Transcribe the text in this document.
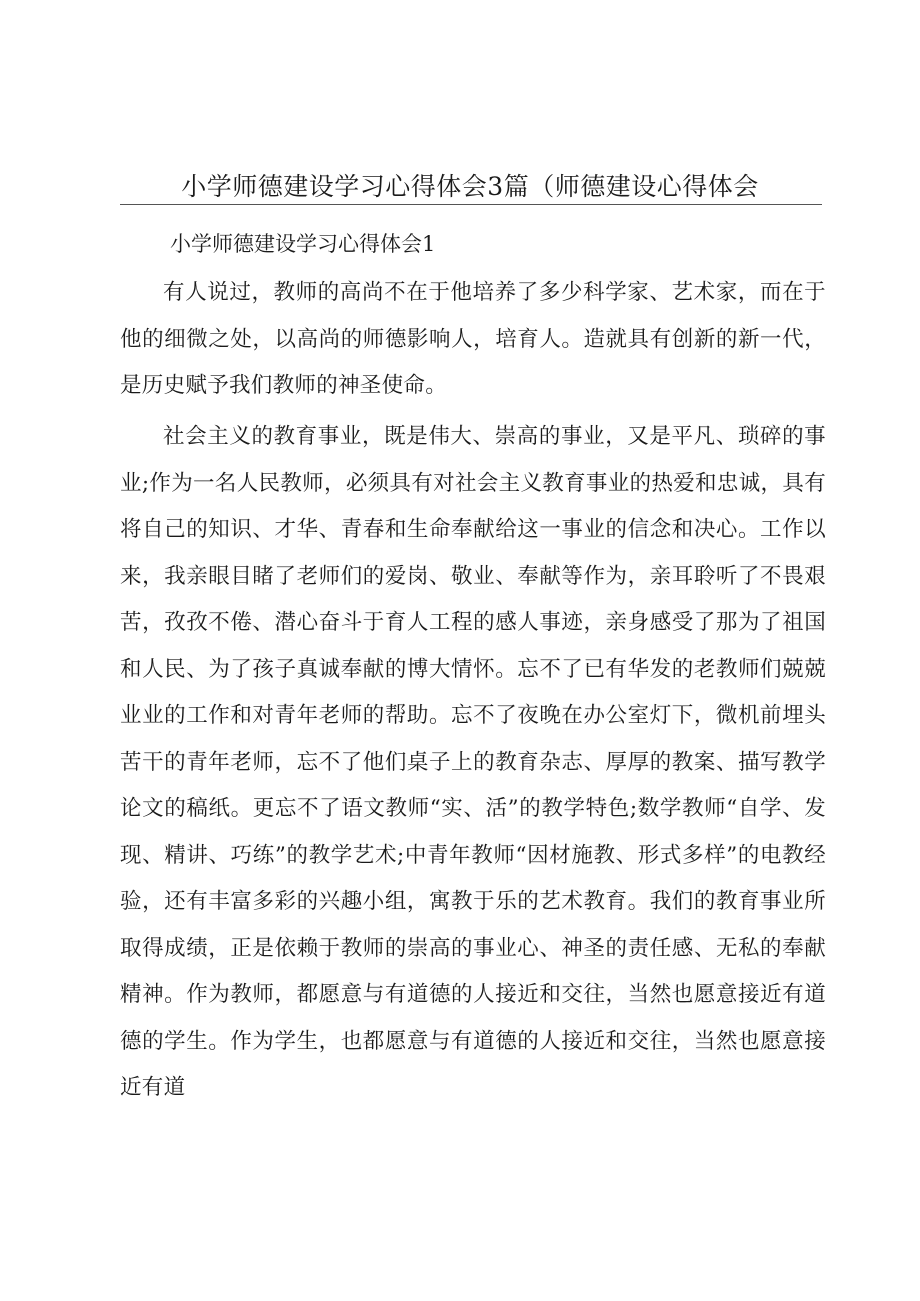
小学师德建设学习心得体会3篇（师德建设心得体会
小学师德建设学习心得体会1

有人说过，教师的高尚不在于他培养了多少科学家、艺术家，而在于他的细微之处，以高尚的师德影响人，培育人。造就具有创新的新一代，是历史赋予我们教师的神圣使命。

社会主义的教育事业，既是伟大、崇高的事业，又是平凡、琐碎的事业;作为一名人民教师，必须具有对社会主义教育事业的热爱和忠诚，具有将自己的知识、才华、青春和生命奉献给这一事业的信念和决心。工作以来，我亲眼目睹了老师们的爱岗、敬业、奉献等作为，亲耳聆听了不畏艰苦，孜孜不倦、潜心奋斗于育人工程的感人事迹，亲身感受了那为了祖国和人民、为了孩子真诚奉献的博大情怀。忘不了已有华发的老教师们兢兢业业的工作和对青年老师的帮助。忘不了夜晚在办公室灯下，微机前埋头苦干的青年老师，忘不了他们桌子上的教育杂志、厚厚的教案、描写教学论文的稿纸。更忘不了语文教师“实、活”的教学特色;数学教师“自学、发现、精讲、巧练”的教学艺术;中青年教师“因材施教、形式多样”的电教经验，还有丰富多彩的兴趣小组，寓教于乐的艺术教育。我们的教育事业所取得成绩，正是依赖于教师的崇高的事业心、神圣的责任感、无私的奉献精神。作为教师，都愿意与有道德的人接近和交往，当然也愿意接近有道德的学生。作为学生，也都愿意与有道德的人接近和交往，当然也愿意接近有道
